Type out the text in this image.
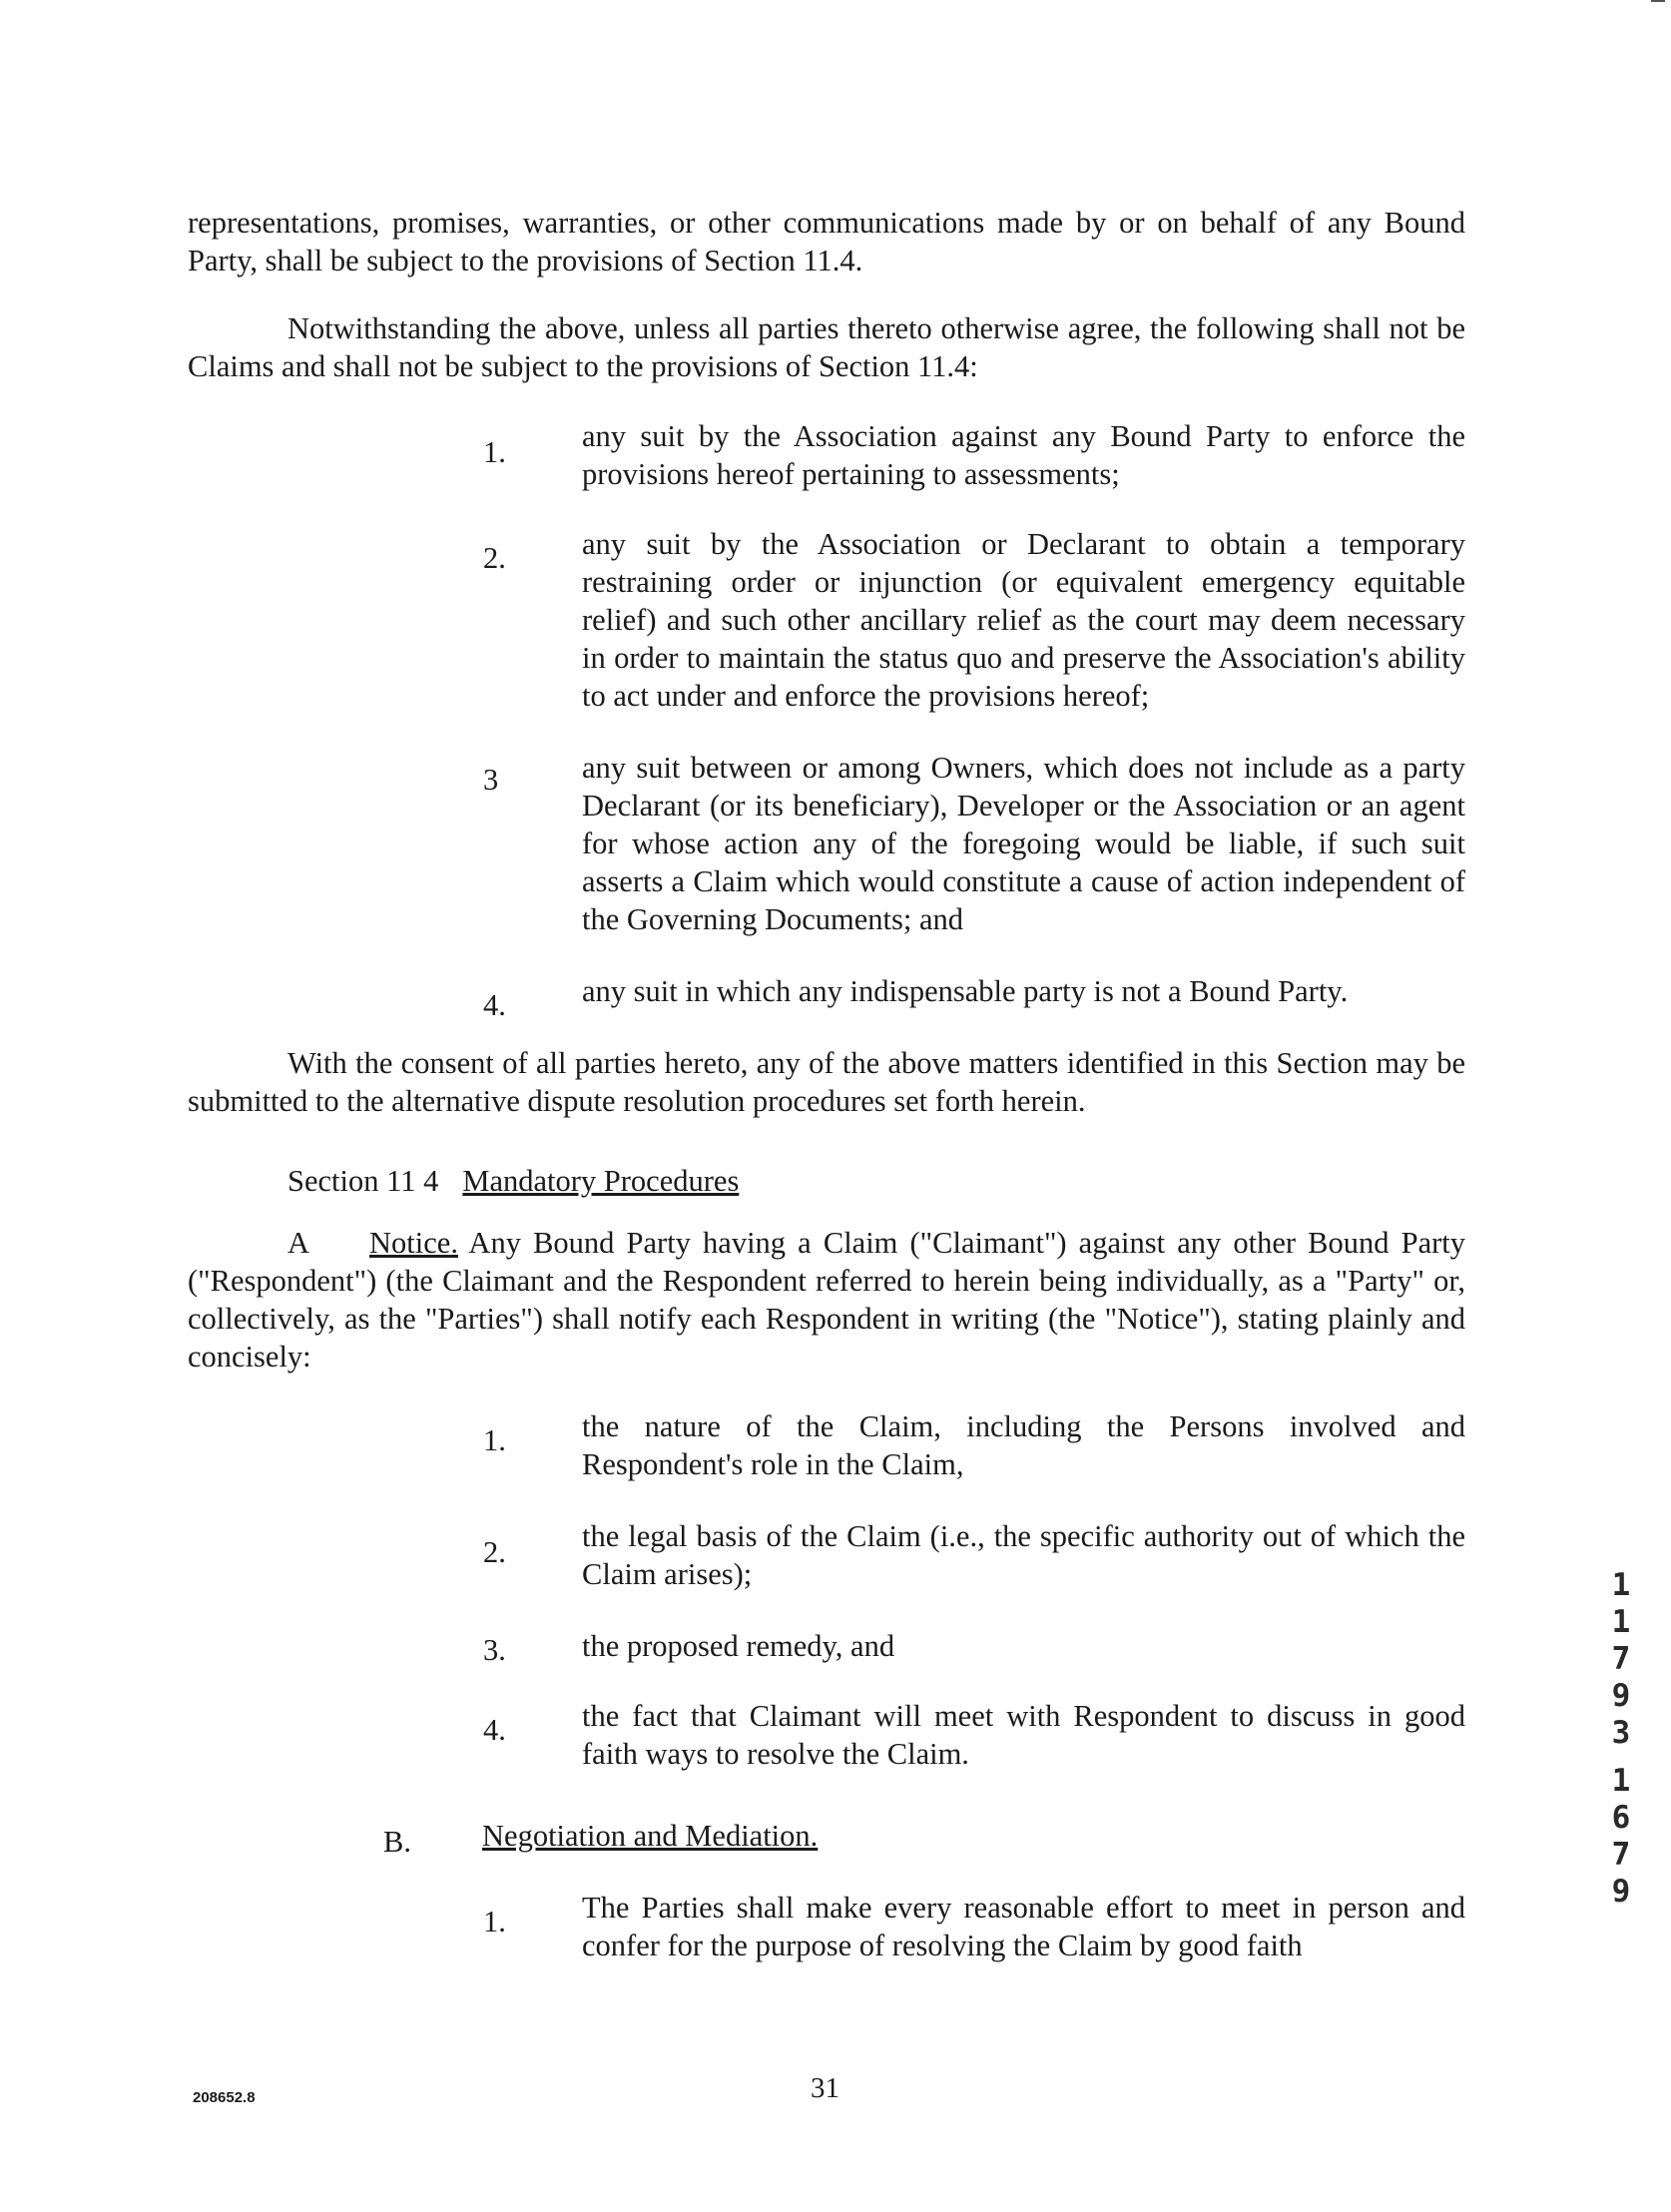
representations, promises, warranties, or other communications made by or on behalf of any Bound Party, shall be subject to the provisions of Section 11.4.

Notwithstanding the above, unless all parties thereto otherwise agree, the following shall not be Claims and shall not be subject to the provisions of Section 11.4:

1. any suit by the Association against any Bound Party to enforce the provisions hereof pertaining to assessments;

2. any suit by the Association or Declarant to obtain a temporary restraining order or injunction (or equivalent emergency equitable relief) and such other ancillary relief as the court may deem necessary in order to maintain the status quo and preserve the Association's ability to act under and enforce the provisions hereof;

3	any suit between or among Owners, which does not include as a party Declarant (or its beneficiary), Developer or the Association or an agent for whose action any of the foregoing would be liable, if such suit asserts a Claim which would constitute a cause of action independent of the Governing Documents; and

4. any suit in which any indispensable party is not a Bound Party.

With the consent of all parties hereto, any of the above matters identified in this Section may be submitted to the alternative dispute resolution procedures set forth herein.

Section 11 4 Mandatory Procedures

A Notice. Any Bound Party having a Claim ("Claimant") against any other Bound Party ("Respondent") (the Claimant and the Respondent referred to herein being individually, as a "Party" or, collectively, as the "Parties") shall notify each Respondent in writing (the "Notice"), stating plainly and concisely:

1. the nature of the Claim, including the Persons involved and Respondent's role in the Claim,

2. the legal basis of the Claim (i.e., the specific authority out of which the Claim arises);

3. the proposed remedy, and

4. the fact that Claimant will meet with Respondent to discuss in good faith ways to resolve the Claim.

B. Negotiation and Mediation.
1. The Parties shall make every reasonable effort to meet in person and confer for the purpose of resolving the Claim by good faith

1
1
7
9
3
1
6
7
9
208652.8	31
